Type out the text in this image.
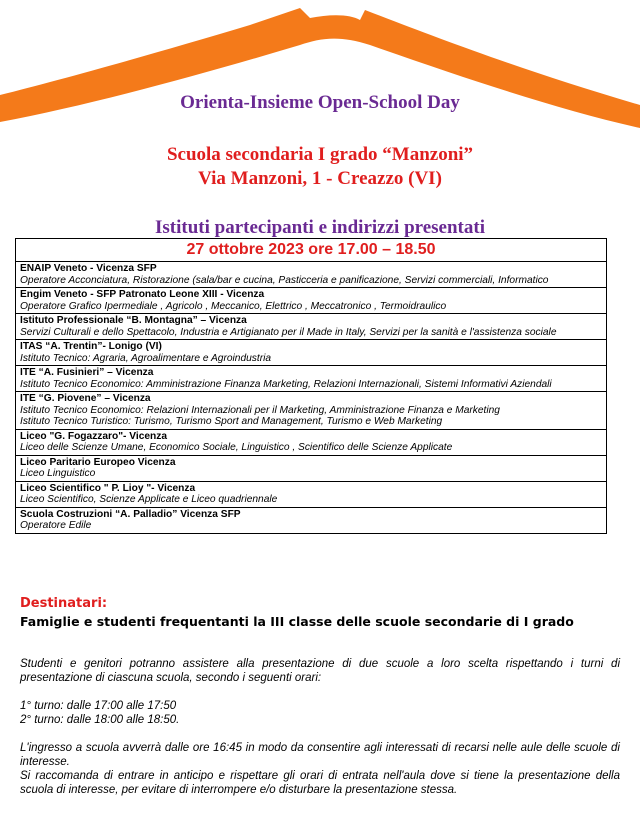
Orienta-Insieme Open-School Day
Scuola secondaria I grado “Manzoni”
Via Manzoni, 1 - Creazzo (VI)
Istituti partecipanti e indirizzi presentati
27 ottobre 2023 ore 17.00 – 18.50
ENAIP Veneto - Vicenza SFP
Operatore Acconciatura, Ristorazione (sala/bar e cucina, Pasticceria e panificazione, Servizi commerciali, Informatico
Engim Veneto - SFP Patronato Leone XIII - Vicenza
Operatore Grafico Ipermediale , Agricolo , Meccanico, Elettrico , Meccatronico , Termoidraulico
Istituto Professionale “B. Montagna” – Vicenza
Servizi Culturali e dello Spettacolo, Industria e Artigianato per il Made in Italy, Servizi per la sanità e l'assistenza sociale
ITAS “A. Trentin”- Lonigo (VI)
Istituto Tecnico: Agraria, Agroalimentare e Agroindustria
ITE “A. Fusinieri” – Vicenza
Istituto Tecnico Economico: Amministrazione Finanza Marketing, Relazioni Internazionali, Sistemi Informativi Aziendali
ITE “G. Piovene” – Vicenza
Istituto Tecnico Economico: Relazioni Internazionali per il Marketing, Amministrazione Finanza e Marketing
Istituto Tecnico Turistico: Turismo, Turismo Sport and Management, Turismo e Web Marketing
Liceo "G. Fogazzaro"- Vicenza
Liceo delle Scienze Umane, Economico Sociale, Linguistico , Scientifico delle Scienze Applicate
Liceo Paritario Europeo Vicenza
Liceo Linguistico
Liceo Scientifico " P. Lioy "- Vicenza
Liceo Scientifico, Scienze Applicate e Liceo quadriennale
Scuola Costruzioni “A. Palladio” Vicenza SFP
Operatore Edile
Destinatari:
Famiglie e studenti frequentanti la III classe delle scuole secondarie di I grado
Studenti e genitori potranno assistere alla presentazione di due scuole a loro scelta rispettando i turni di presentazione di ciascuna scuola, secondo i seguenti orari:
1° turno: dalle 17:00 alle 17:50
2° turno: dalle 18:00 alle 18:50.
L'ingresso a scuola avverrà dalle ore 16:45 in modo da consentire agli interessati di recarsi nelle aule delle scuole di interesse.
Si raccomanda di entrare in anticipo e rispettare gli orari di entrata nell'aula dove si tiene la presentazione della scuola di interesse, per evitare di interrompere e/o disturbare la presentazione stessa.
